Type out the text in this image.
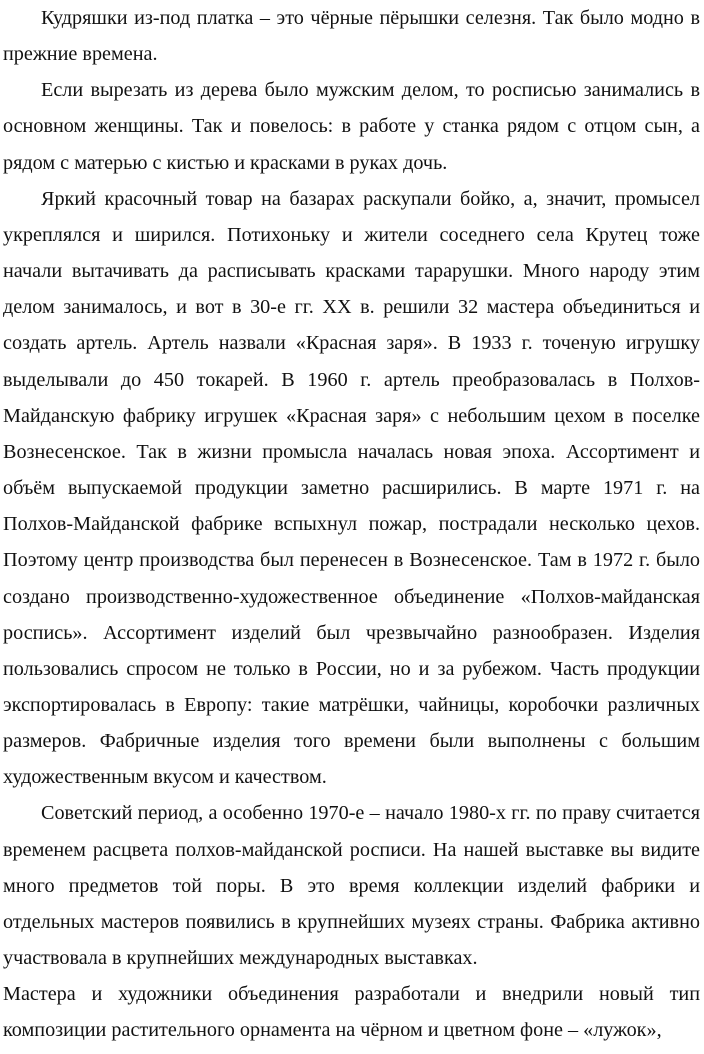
Кудряшки из-под платка – это чёрные пёрышки селезня. Так было модно в прежние времена.

Если вырезать из дерева было мужским делом, то росписью занимались в основном женщины. Так и повелось: в работе у станка рядом с отцом сын, а рядом с матерью с кистью и красками в руках дочь.

Яркий красочный товар на базарах раскупали бойко, а, значит, промысел укреплялся и ширился. Потихоньку и жители соседнего села Крутец тоже начали вытачивать да расписывать красками тарарушки. Много народу этим делом занималось, и вот в 30-е гг. XX в. решили 32 мастера объединиться и создать артель. Артель назвали «Красная заря». В 1933 г. точеную игрушку выделывали до 450 токарей. В 1960 г. артель преобразовалась в Полхов-Майданскую фабрику игрушек «Красная заря» с небольшим цехом в поселке Вознесенское. Так в жизни промысла началась новая эпоха. Ассортимент и объём выпускаемой продукции заметно расширились. В марте 1971 г. на Полхов-Майданской фабрике вспыхнул пожар, пострадали несколько цехов. Поэтому центр производства был перенесен в Вознесенское. Там в 1972 г. было создано производственно-художественное объединение «Полхов-майданская роспись». Ассортимент изделий был чрезвычайно разнообразен. Изделия пользовались спросом не только в России, но и за рубежом. Часть продукции экспортировалась в Европу: такие матрёшки, чайницы, коробочки различных размеров. Фабричные изделия того времени были выполнены с большим художественным вкусом и качеством.

Советский период, а особенно 1970-е – начало 1980-х гг. по праву считается временем расцвета полхов-майданской росписи. На нашей выставке вы видите много предметов той поры. В это время коллекции изделий фабрики и отдельных мастеров появились в крупнейших музеях страны. Фабрика активно участвовала в крупнейших международных выставках.

Мастера и художники объединения разработали и внедрили новый тип композиции растительного орнамента на чёрном и цветном фоне – «лужок»,
